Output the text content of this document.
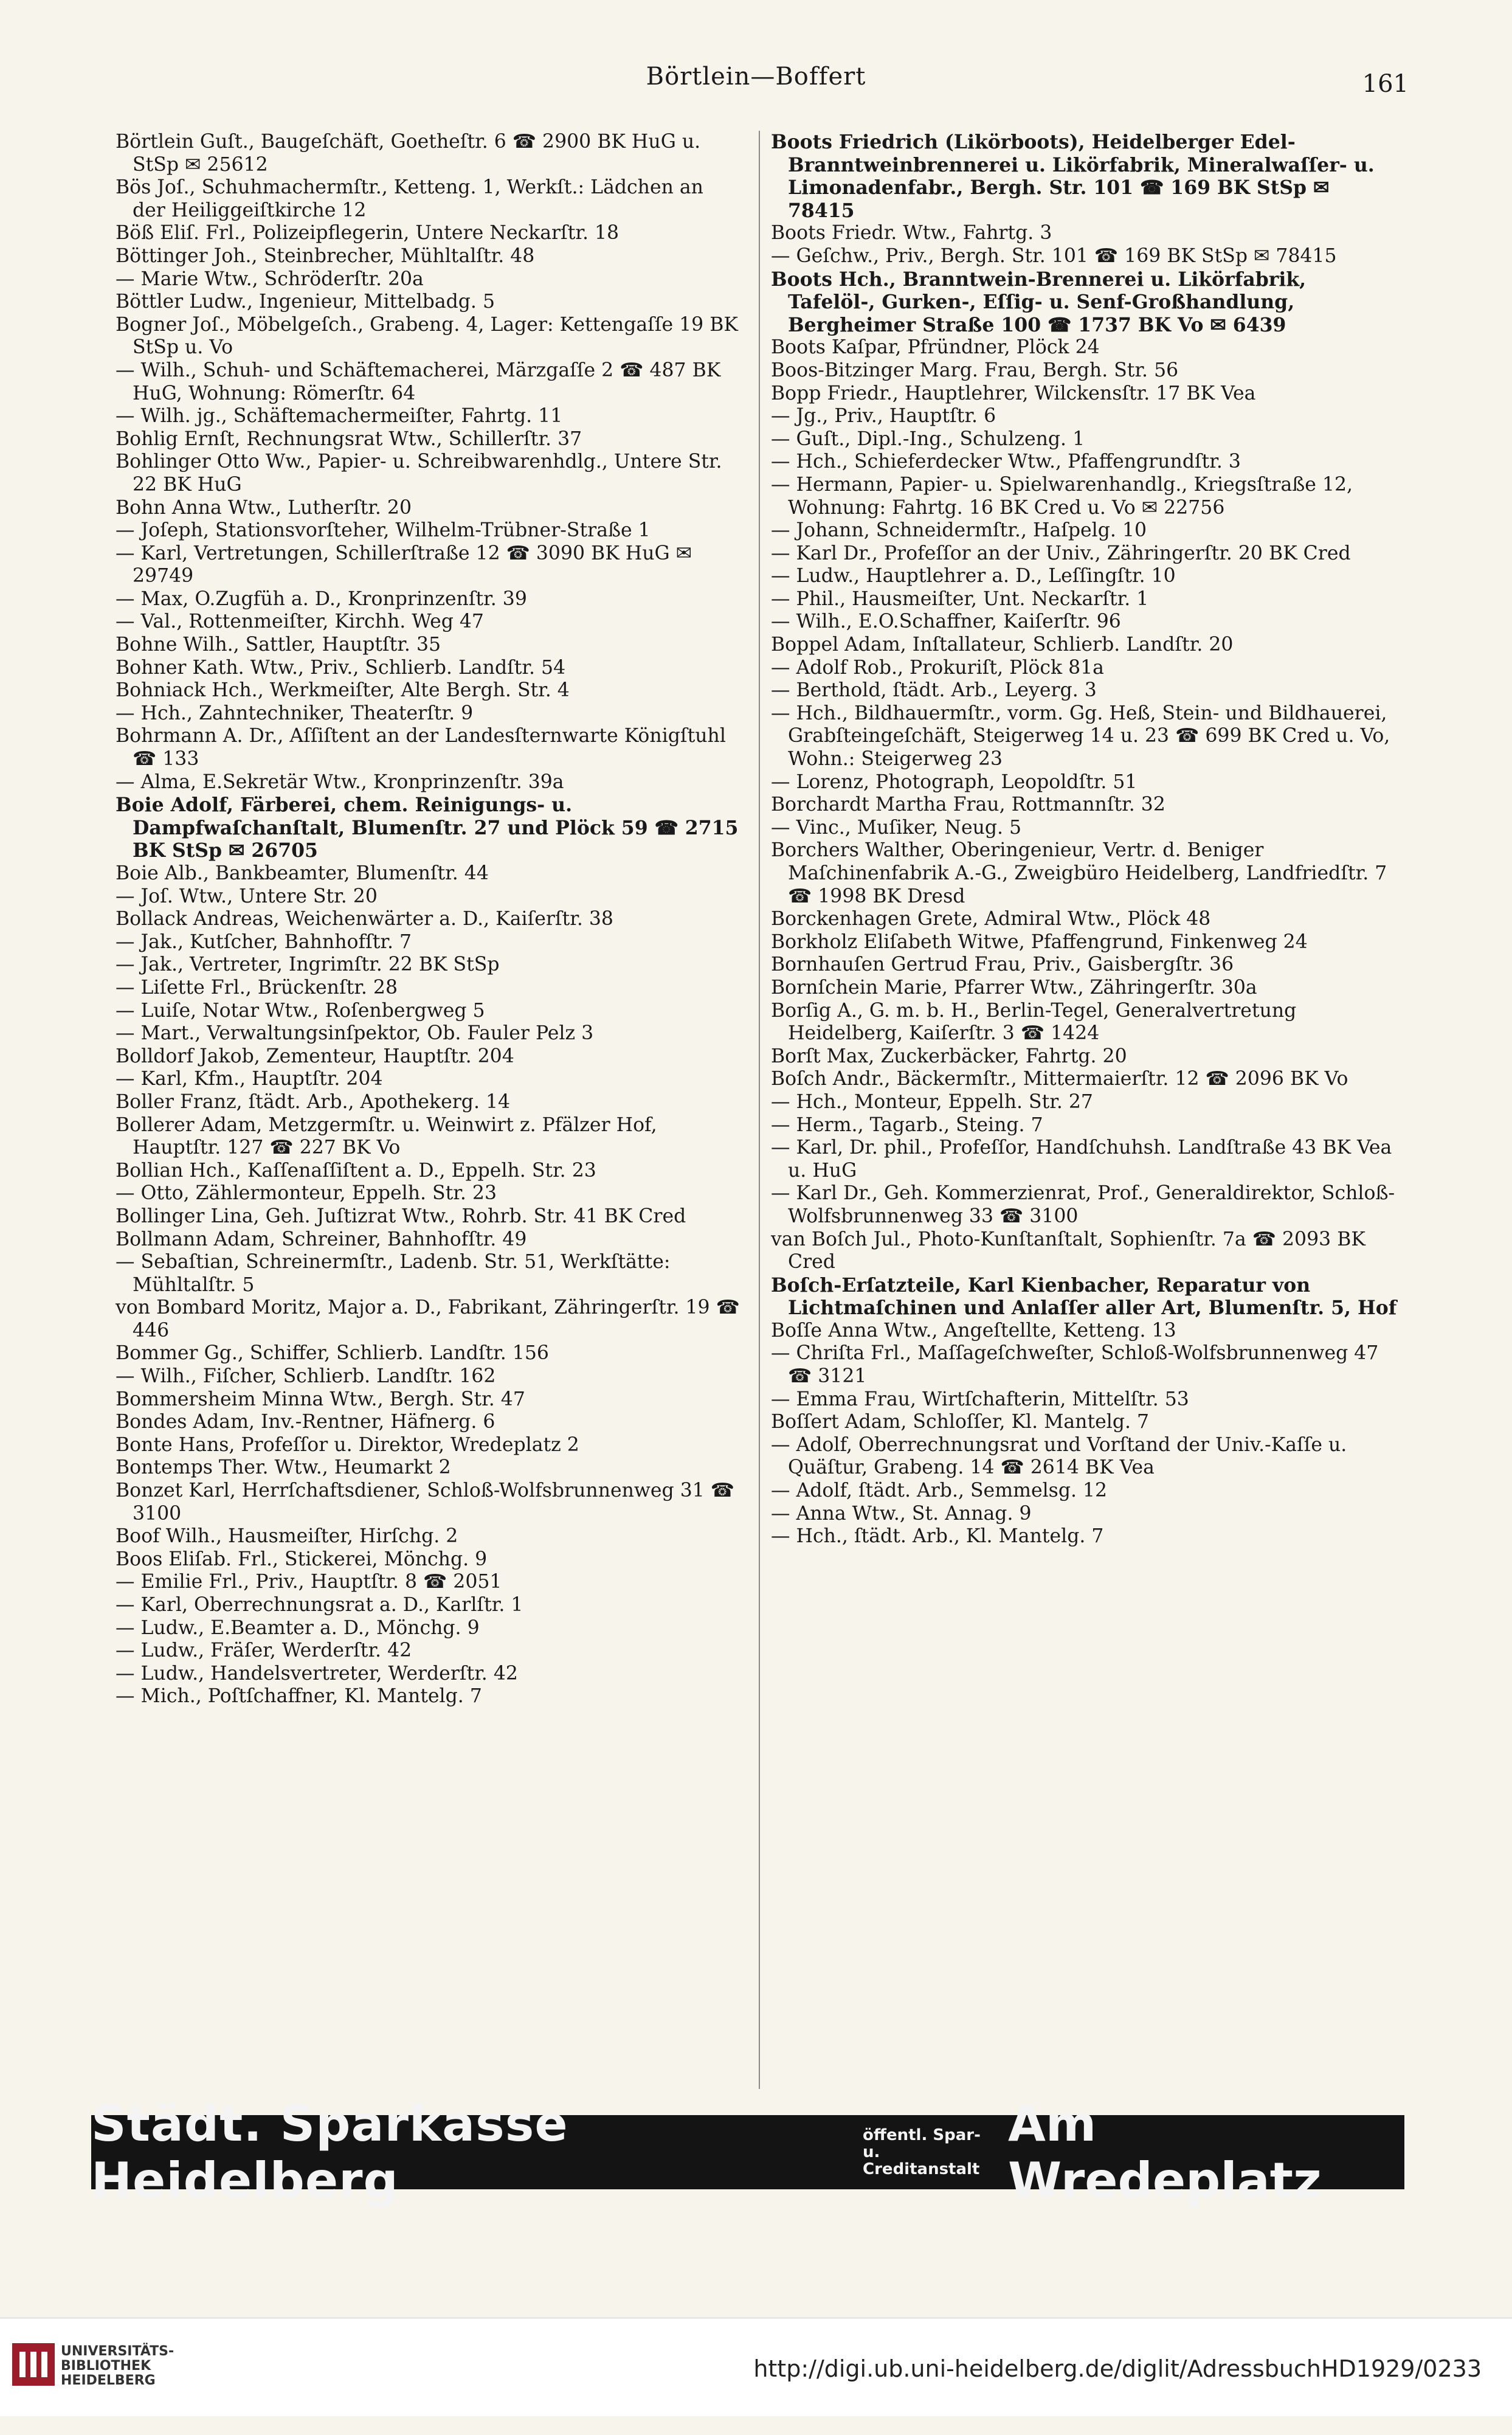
Börtlein—Boffert	161
Börtlein Guſt., Baugeſchäft, Goetheſtr. 6 ☎ 2900 BK HuG u. StSp ✉ 25612
Bös Joſ., Schuhmachermſtr., Ketteng. 1, Werkſt.: Lädchen an der Heiliggeiſtkirche 12
Böß Eliſ. Frl., Polizeipflegerin, Untere Neckarſtr. 18
Böttinger Joh., Steinbrecher, Mühltalſtr. 48
— Marie Wtw., Schröderſtr. 20a
Böttler Ludw., Ingenieur, Mittelbadg. 5
Bogner Joſ., Möbelgeſch., Grabeng. 4, Lager: Kettengaſſe 19 BK StSp u. Vo
— Wilh., Schuh- und Schäftemacherei, Märzgaſſe 2 ☎ 487 BK HuG, Wohnung: Römerſtr. 64
— Wilh. jg., Schäftemachermeiſter, Fahrtg. 11
Bohlig Ernſt, Rechnungsrat Wtw., Schillerſtr. 37
Bohlinger Otto Ww., Papier- u. Schreibwarenhdlg., Untere Str. 22 BK HuG
Bohn Anna Wtw., Lutherſtr. 20
— Joſeph, Stationsvorſteher, Wilhelm-Trübner-Straße 1
— Karl, Vertretungen, Schillerſtraße 12 ☎ 3090 BK HuG ✉ 29749
— Max, O.Zugfüh a. D., Kronprinzenſtr. 39
— Val., Rottenmeiſter, Kirchh. Weg 47
Bohne Wilh., Sattler, Hauptſtr. 35
Bohner Kath. Wtw., Priv., Schlierb. Landſtr. 54
Bohniack Hch., Werkmeiſter, Alte Bergh. Str. 4
— Hch., Zahntechniker, Theaterſtr. 9
Bohrmann A. Dr., Aſſiſtent an der Landesſternwarte Königſtuhl ☎ 133
— Alma, E.Sekretär Wtw., Kronprinzenſtr. 39a
Boie Adolf, Färberei, chem. Reinigungs- u. Dampfwaſchanſtalt, Blumenſtr. 27 und Plöck 59 ☎ 2715 BK StSp ✉ 26705
Boie Alb., Bankbeamter, Blumenſtr. 44
— Joſ. Wtw., Untere Str. 20
Bollack Andreas, Weichenwärter a. D., Kaiſerſtr. 38
— Jak., Kutſcher, Bahnhofſtr. 7
— Jak., Vertreter, Ingrimſtr. 22 BK StSp
— Liſette Frl., Brückenſtr. 28
— Luiſe, Notar Wtw., Roſenbergweg 5
— Mart., Verwaltungsinſpektor, Ob. Fauler Pelz 3
Bolldorf Jakob, Zementeur, Hauptſtr. 204
— Karl, Kfm., Hauptſtr. 204
Boller Franz, ſtädt. Arb., Apothekerg. 14
Bollerer Adam, Metzgermſtr. u. Weinwirt z. Pfälzer Hof, Hauptſtr. 127 ☎ 227 BK Vo
Bollian Hch., Kaſſenaſſiſtent a. D., Eppelh. Str. 23
— Otto, Zählermonteur, Eppelh. Str. 23
Bollinger Lina, Geh. Juſtizrat Wtw., Rohrb. Str. 41 BK Cred
Bollmann Adam, Schreiner, Bahnhofſtr. 49
— Sebaſtian, Schreinermſtr., Ladenb. Str. 51, Werkſtätte: Mühltalſtr. 5
von Bombard Moritz, Major a. D., Fabrikant, Zähringerſtr. 19 ☎ 446
Bommer Gg., Schiffer, Schlierb. Landſtr. 156
— Wilh., Fiſcher, Schlierb. Landſtr. 162
Bommersheim Minna Wtw., Bergh. Str. 47
Bondes Adam, Inv.-Rentner, Häfnerg. 6
Bonte Hans, Profeſſor u. Direktor, Wredeplatz 2
Bontemps Ther. Wtw., Heumarkt 2
Bonzet Karl, Herrſchaftsdiener, Schloß-Wolfsbrunnenweg 31 ☎ 3100
Boof Wilh., Hausmeiſter, Hirſchg. 2
Boos Eliſab. Frl., Stickerei, Mönchg. 9
— Emilie Frl., Priv., Hauptſtr. 8 ☎ 2051
— Karl, Oberrechnungsrat a. D., Karlſtr. 1
— Ludw., E.Beamter a. D., Mönchg. 9
— Ludw., Fräſer, Werderſtr. 42
— Ludw., Handelsvertreter, Werderſtr. 42
— Mich., Poſtſchaffner, Kl. Mantelg. 7
Boots Friedrich (Likörboots), Heidelberger Edel-Branntweinbrennerei u. Likörfabrik, Mineralwaſſer- u. Limonadenfabr., Bergh. Str. 101 ☎ 169 BK StSp ✉ 78415
Boots Friedr. Wtw., Fahrtg. 3
— Geſchw., Priv., Bergh. Str. 101 ☎ 169 BK StSp ✉ 78415
Boots Hch., Branntwein-Brennerei u. Likörfabrik, Tafelöl-, Gurken-, Eſſig- u. Senf-Großhandlung, Bergheimer Straße 100 ☎ 1737 BK Vo ✉ 6439
Boots Kaſpar, Pfründner, Plöck 24
Boos-Bitzinger Marg. Frau, Bergh. Str. 56
Bopp Friedr., Hauptlehrer, Wilckensſtr. 17 BK Vea
— Jg., Priv., Hauptſtr. 6
— Guſt., Dipl.-Ing., Schulzeng. 1
— Hch., Schieferdecker Wtw., Pfaffengrundſtr. 3
— Hermann, Papier- u. Spielwarenhandlg., Kriegsſtraße 12, Wohnung: Fahrtg. 16 BK Cred u. Vo ✉ 22756
— Johann, Schneidermſtr., Haſpelg. 10
— Karl Dr., Profeſſor an der Univ., Zähringerſtr. 20 BK Cred
— Ludw., Hauptlehrer a. D., Leſſingſtr. 10
— Phil., Hausmeiſter, Unt. Neckarſtr. 1
— Wilh., E.O.Schaffner, Kaiſerſtr. 96
Boppel Adam, Inſtallateur, Schlierb. Landſtr. 20
— Adolf Rob., Prokuriſt, Plöck 81a
— Berthold, ſtädt. Arb., Leyerg. 3
— Hch., Bildhauermſtr., vorm. Gg. Heß, Stein- und Bildhauerei, Grabſteingeſchäft, Steigerweg 14 u. 23 ☎ 699 BK Cred u. Vo, Wohn.: Steigerweg 23
— Lorenz, Photograph, Leopoldſtr. 51
Borchardt Martha Frau, Rottmannſtr. 32
— Vinc., Muſiker, Neug. 5
Borchers Walther, Oberingenieur, Vertr. d. Beniger Maſchinenfabrik A.-G., Zweigbüro Heidelberg, Landfriedſtr. 7 ☎ 1998 BK Dresd
Borckenhagen Grete, Admiral Wtw., Plöck 48
Borkholz Eliſabeth Witwe, Pfaffengrund, Finkenweg 24
Bornhauſen Gertrud Frau, Priv., Gaisbergſtr. 36
Bornſchein Marie, Pfarrer Wtw., Zähringerſtr. 30a
Borſig A., G. m. b. H., Berlin-Tegel, Generalvertretung Heidelberg, Kaiſerſtr. 3 ☎ 1424
Borſt Max, Zuckerbäcker, Fahrtg. 20
Boſch Andr., Bäckermſtr., Mittermaierſtr. 12 ☎ 2096 BK Vo
— Hch., Monteur, Eppelh. Str. 27
— Herm., Tagarb., Steing. 7
— Karl, Dr. phil., Profeſſor, Handſchuhsh. Landſtraße 43 BK Vea u. HuG
— Karl Dr., Geh. Kommerzienrat, Prof., Generaldirektor, Schloß-Wolfsbrunnenweg 33 ☎ 3100
van Boſch Jul., Photo-Kunſtanſtalt, Sophienſtr. 7a ☎ 2093 BK Cred
Boſch-Erſatzteile, Karl Kienbacher, Reparatur von Lichtmaſchinen und Anlaſſer aller Art, Blumenſtr. 5, Hof
Boſſe Anna Wtw., Angeſtellte, Ketteng. 13
— Chriſta Frl., Maſſageſchweſter, Schloß-Wolfsbrunnenweg 47 ☎ 3121
— Emma Frau, Wirtſchafterin, Mittelſtr. 53
Boſſert Adam, Schloſſer, Kl. Mantelg. 7
— Adolf, Oberrechnungsrat und Vorſtand der Univ.-Kaſſe u. Quäſtur, Grabeng. 14 ☎ 2614 BK Vea
— Adolf, ſtädt. Arb., Semmelsg. 12
— Anna Wtw., St. Annag. 9
— Hch., ſtädt. Arb., Kl. Mantelg. 7
Städt. Sparkasse Heidelberg
öffentl. Spar- u.
Creditanstalt
Am Wredeplatz
UNIVERSITÄTS-
BIBLIOTHEK
HEIDELBERG	http://digi.ub.uni-heidelberg.de/diglit/AdressbuchHD1929/0233
